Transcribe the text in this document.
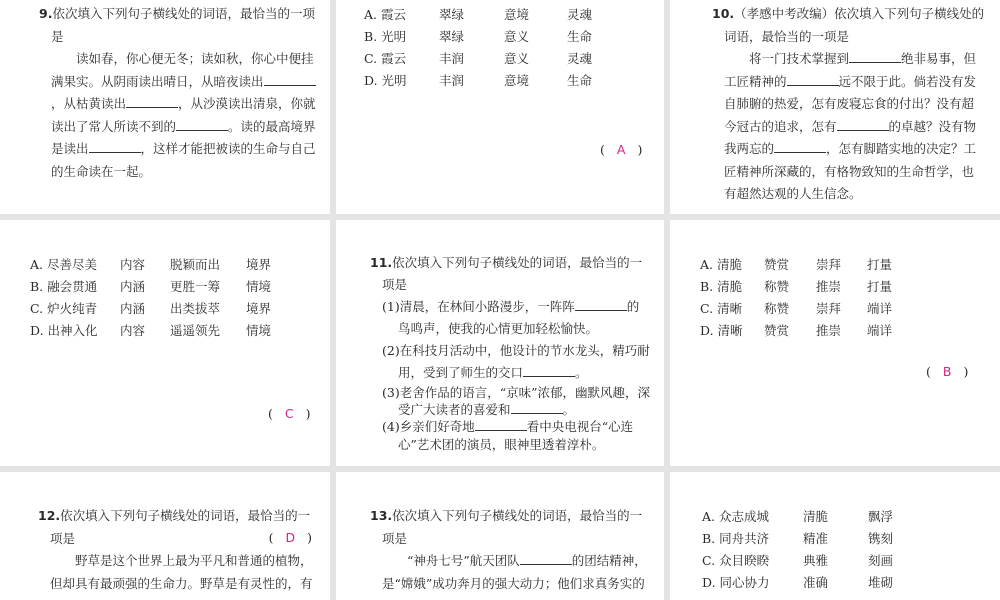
9.依次填入下列句子横线处的词语，最恰当的一项是
读如春，你心便无冬；读如秋，你心中便挂满果实。从阴雨读出晴日，从暗夜读出，从枯黄读出	，从沙漠读出清泉，你就读出了常人所读不到的	。读的最高境界是读出	，这样才能把被读的生命与自己的生命读在一起。
A. 霞云	翠绿	意境	灵魂
B. 光明	翠绿	意义	生命
C. 霞云	丰润	意义	灵魂
D. 光明	丰润	意境	生命
( A )
10.（孝感中考改编）依次填入下列句子横线处的词语，最恰当的一项是
将一门技术掌握到	绝非易事，但工匠精神的	远不限于此。倘若没有发自肺腑的热爱，怎有废寝忘食的付出？没有超今冠古的追求，怎有	的卓越？没有物我两忘的	，怎有脚踏实地的决定？工匠精神所深藏的，有格物致知的生命哲学，也有超然达观的人生信念。
A. 尽善尽美	内容	脱颖而出	境界
B. 融会贯通	内涵	更胜一筹	情境
C. 炉火纯青	内涵	出类拔萃	境界
D. 出神入化	内容	遥遥领先	情境
( C )
11.依次填入下列句子横线处的词语，最恰当的一项是
(1)清晨，在林间小路漫步，一阵阵	的鸟鸣声，使我的心情更加轻松愉快。
(2)在科技月活动中，他设计的节水龙头，精巧耐用，受到了师生的交口	。
(3)老舍作品的语言，“京味”浓郁，幽默风趣，深受广大读者的喜爱和	。
(4)乡亲们好奇地	看中央电视台“心连心”艺术团的演员，眼神里透着淳朴。
A. 清脆	赞赏	崇拜	打量
B. 清脆	称赞	推崇	打量
C. 清晰	称赞	崇拜	端详
D. 清晰	赞赏	推崇	端详
( B )
12.依次填入下列句子横线处的词语，最恰当的一项是	( D )
野草是这个世界上最为平凡和普通的植物，但却具有最顽强的生命力。野草是有灵性的，有
13.依次填入下列句子横线处的词语，最恰当的一项是
“神舟七号”航天团队	的团结精神，是“嫦娥”成功奔月的强大动力；他们求真务实的
A. 众志成城	清脆	飘浮
B. 同舟共济	精准	镌刻
C. 众目睽睽	典雅	刻画
D. 同心协力	准确	堆砌
